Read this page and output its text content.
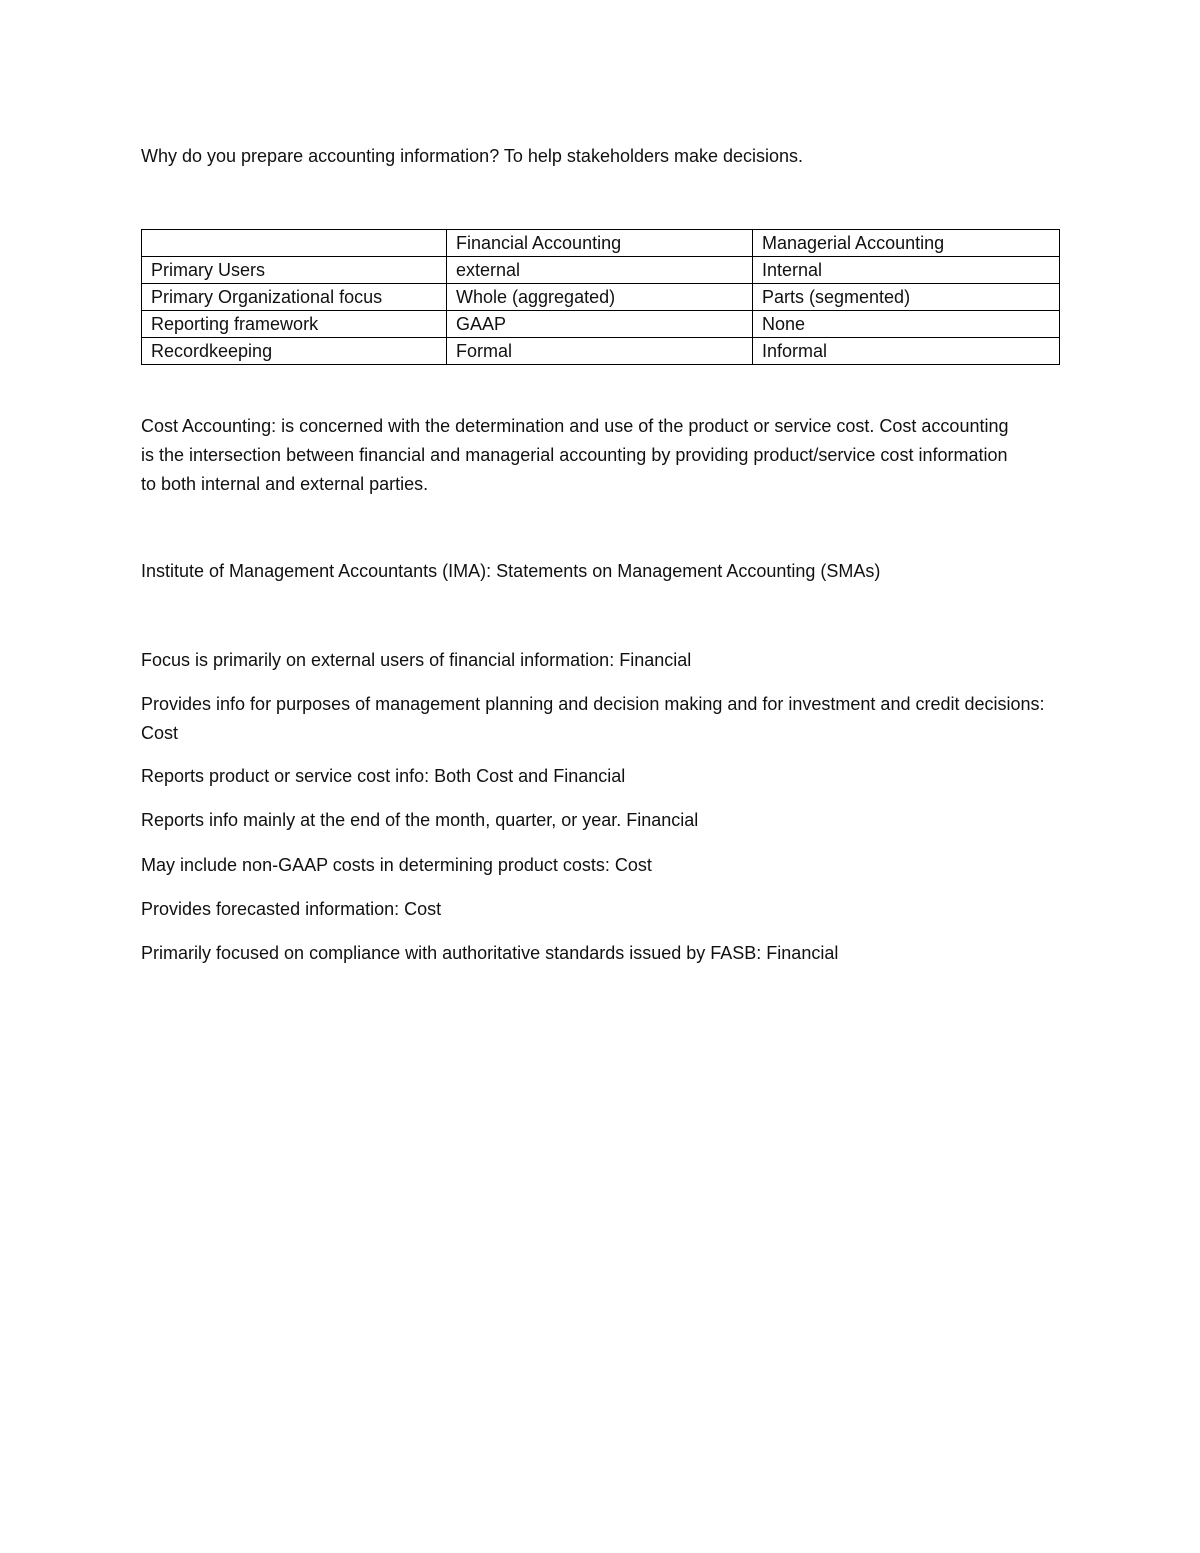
Why do you prepare accounting information? To help stakeholders make decisions.

	Financial Accounting	Managerial Accounting
Primary Users	external	Internal
Primary Organizational focus	Whole (aggregated)	Parts (segmented)
Reporting framework	GAAP	None
Recordkeeping	Formal	Informal

Cost Accounting: is concerned with the determination and use of the product or service cost. Cost accounting is the intersection between financial and managerial accounting by providing product/service cost information to both internal and external parties.

Institute of Management Accountants (IMA): Statements on Management Accounting (SMAs)

Focus is primarily on external users of financial information: Financial

Provides info for purposes of management planning and decision making and for investment and credit decisions: Cost

Reports product or service cost info: Both Cost and Financial

Reports info mainly at the end of the month, quarter, or year. Financial

May include non-GAAP costs in determining product costs: Cost

Provides forecasted information: Cost

Primarily focused on compliance with authoritative standards issued by FASB: Financial
